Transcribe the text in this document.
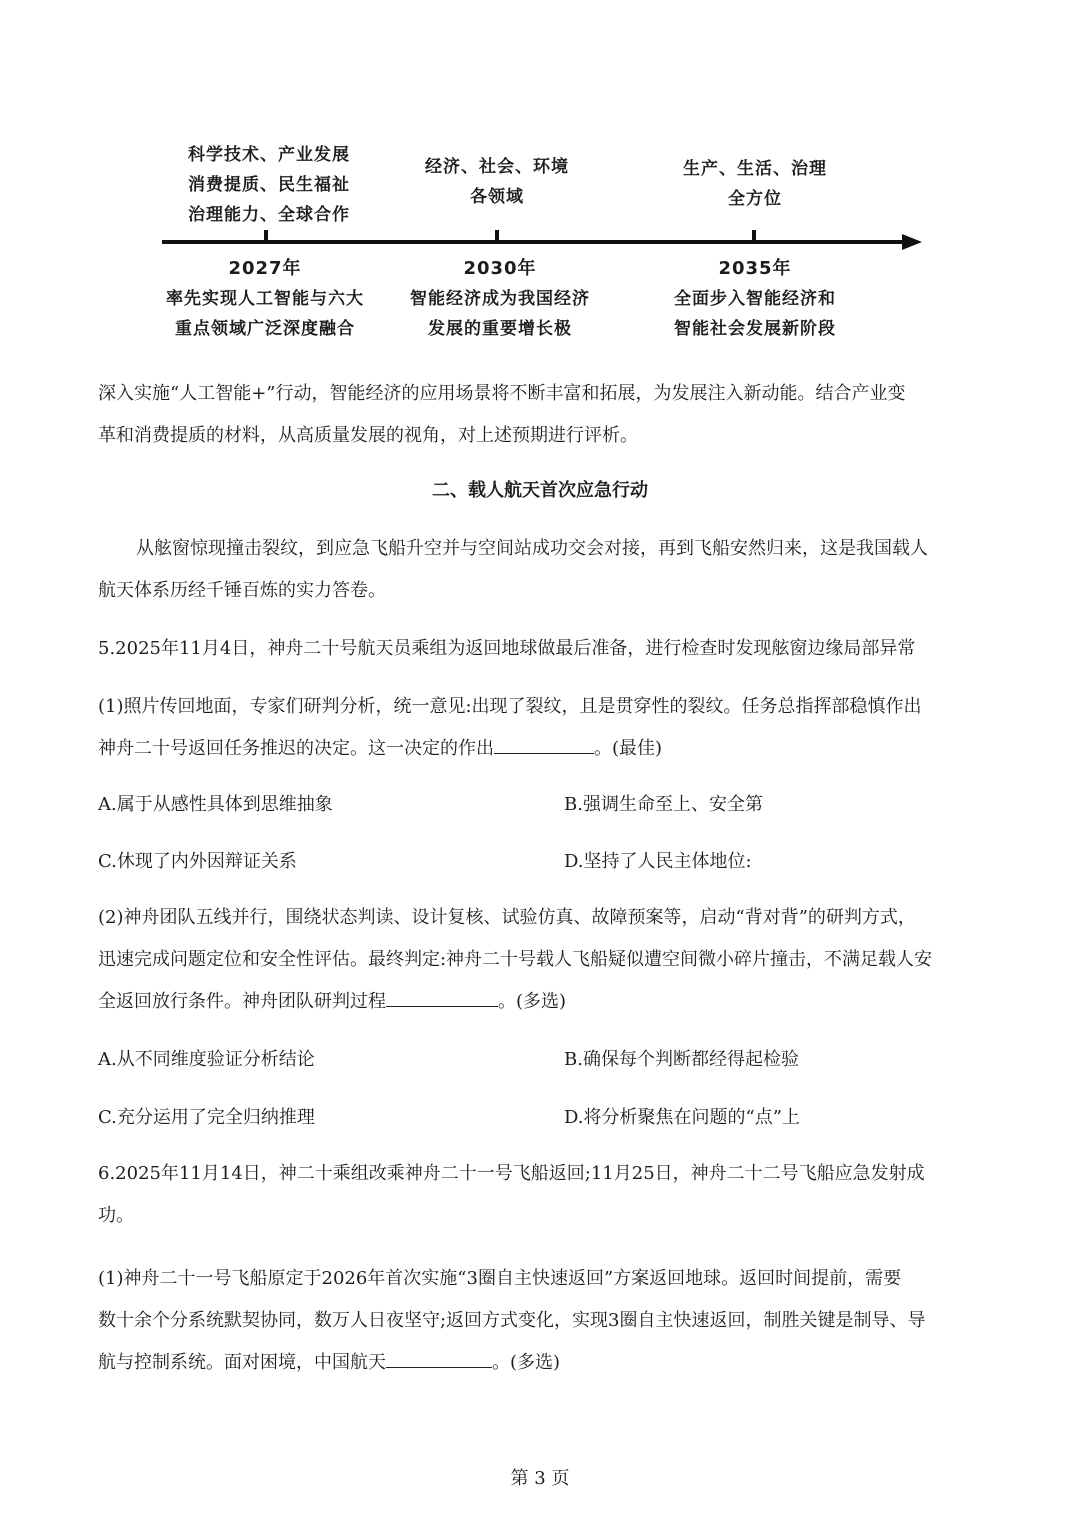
科学技术、产业发展
消费提质、民生福祉
治理能力、全球合作
经济、社会、环境
各领域
生产、生活、治理
全方位
2027年
率先实现人工智能与六大
重点领域广泛深度融合
2030年
智能经济成为我国经济
发展的重要增长极
2035年
全面步入智能经济和
智能社会发展新阶段
深入实施“人工智能+”行动，智能经济的应用场景将不断丰富和拓展，为发展注入新动能。结合产业变
革和消费提质的材料，从高质量发展的视角，对上述预期进行评析。
二、载人航天首次应急行动
从舷窗惊现撞击裂纹，到应急飞船升空并与空间站成功交会对接，再到飞船安然归来，这是我国载人
航天体系历经千锤百炼的实力答卷。
5.2025年11月4日，神舟二十号航天员乘组为返回地球做最后准备，进行检查时发现舷窗边缘局部异常
(1)照片传回地面，专家们研判分析，统一意见:出现了裂纹，且是贯穿性的裂纹。任务总指挥部稳慎作出
神舟二十号返回任务推迟的决定。这一决定的作出	。(最佳)
A.属于从感性具体到思维抽象	B.强调生命至上、安全第
C.休现了内外因辩证关系	D.坚持了人民主体地位:
(2)神舟团队五线并行，围绕状态判读、设计复核、试验仿真、故障预案等，启动“背对背”的研判方式，
迅速完成问题定位和安全性评估。最终判定:神舟二十号载人飞船疑似遭空间微小碎片撞击，不满足载人安
全返回放行条件。神舟团队研判过程	。(多选)
A.从不同维度验证分析结论	B.确保每个判断都经得起检验
C.充分运用了完全归纳推理	D.将分析聚焦在问题的“点”上
6.2025年11月14日，神二十乘组改乘神舟二十一号飞船返回;11月25日，神舟二十二号飞船应急发射成
功。
(1)神舟二十一号飞船原定于2026年首次实施“3圈自主快速返回”方案返回地球。返回时间提前，需要
数十余个分系统默契协同，数万人日夜坚守;返回方式变化，实现3圈自主快速返回，制胜关键是制导、导
航与控制系统。面对困境，中国航天	。(多选)
第 3 页
